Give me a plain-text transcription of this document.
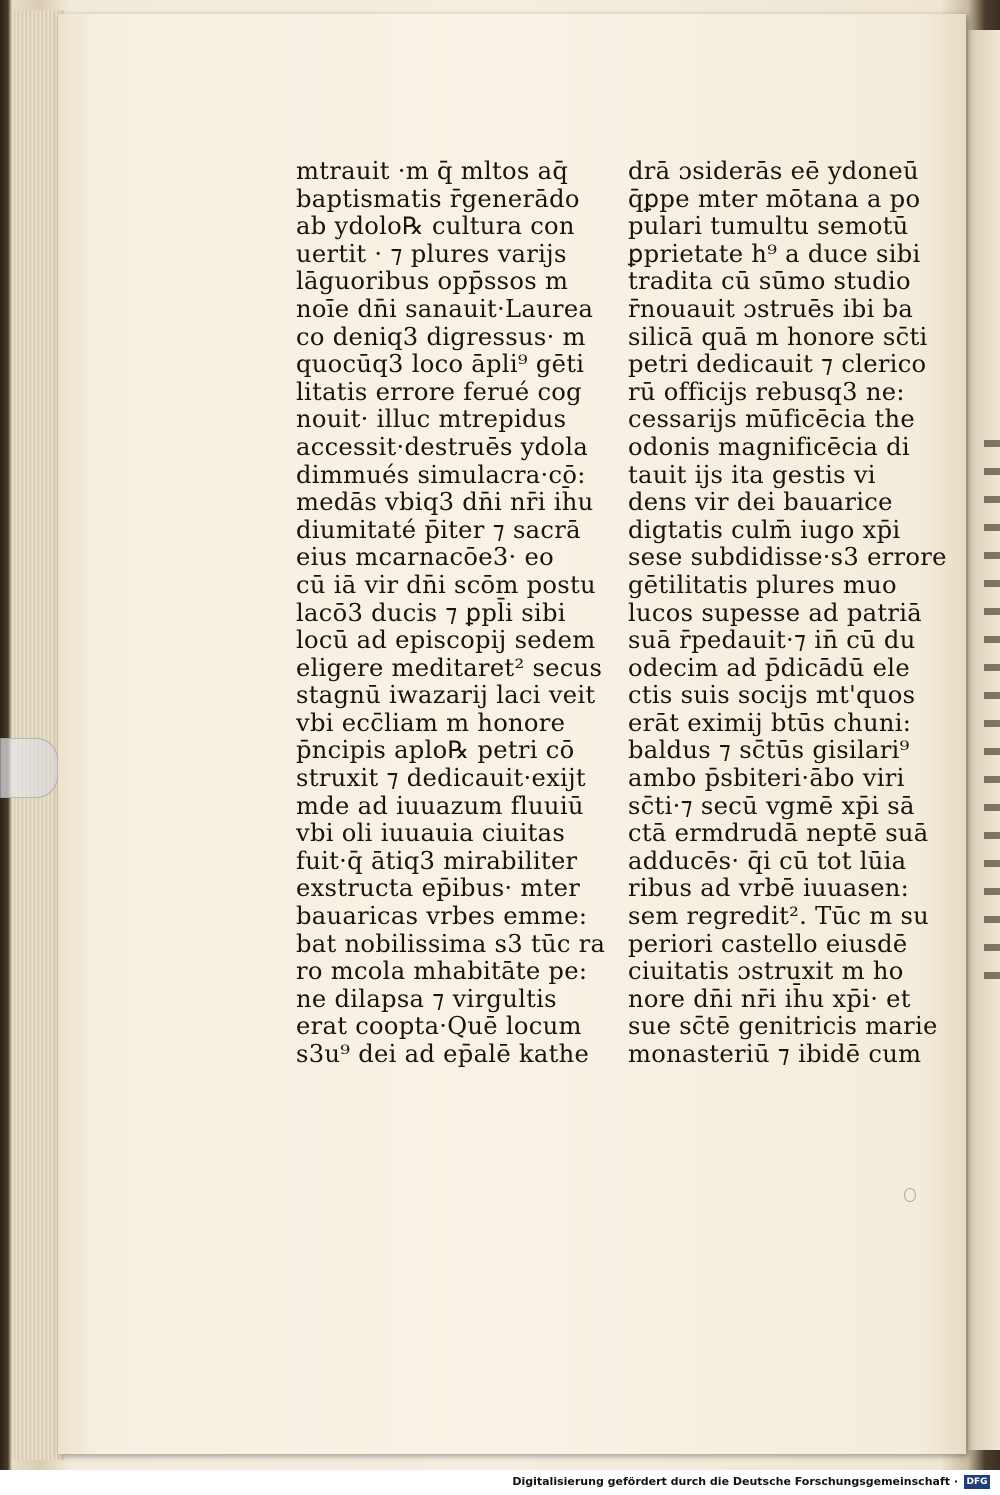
mtrauit ·m q̄ mltos aq̄
baptismatis r̄generādo
ab ydolo℞ cultura con
uertit · ⁊ plures varijs
lāguoribus opp̄ssos m
noīe dn̄i sanauit·Laurea
co deniq3 digressus· m
quocūq3 loco āpli⁹ gēti
litatis errore ferué cog
nouit· illuc mtrepidus
accessit·destruēs ydola
dimmués simulacra·cō:
medās vbiq3 dn̄i nr̄i ih̄u
diumitaté p̄iter ⁊ sacrā
eius mcarnacōe3· eo
cū iā vir dn̄i scōm postu
lacō3 ducis ⁊ ꝑpl̄i sibi
locū ad episcopij sedem
eligere meditaret² secus
stagnū iwazarij laci veit
vbi ecc̄liam m honore
p̄ncipis aplo℞ petri cō
struxit ⁊ dedicauit·exijt
mde ad iuuazum fluuiū
vbi oli iuuauia ciuitas
fuit·q̄ ātiq3 mirabiliter
exstructa ep̄ibus· mter
bauaricas vrbes emme:
bat nobilissima s3 tūc ra
ro mcola mhabitāte pe:
ne dilapsa ⁊ virgultis
erat coopta·Quē locum
s3u⁹ dei ad ep̄alē kathe
drā ɔsiderās eē ydoneū
q̄ꝑpe mter mōtana a po
pulari tumultu semotū
ꝑprietate h⁹ a duce sibi
tradita cū sūmo studio
r̄nouauit ɔstruēs ibi ba
silicā quā m honore sc̄ti
petri dedicauit ⁊ clerico
rū officijs rebusq3 ne:
cessarijs mūficēcia the
odonis magnificēcia di
tauit ijs ita gestis vi
dens vir dei bauarice
digtatis culm̄ iugo xp̄i
sese subdidisse·s3 errore
gētilitatis plures muo
lucos supesse ad patriā
suā r̄pedauit·⁊ in̄ cū du
odecim ad p̄dicādū ele
ctis suis socijs mt'quos
erāt eximij btūs chuni:
baldus ⁊ sc̄tūs gisilari⁹
ambo p̄sbiteri·ābo viri
sc̄ti·⁊ secū vgmē xp̄i sā
ctā ermdrudā neptē suā
adducēs· q̄i cū tot lūia
ribus ad vrbē iuuasen:
sem regredit². Tūc m su
periori castello eiusdē
ciuitatis ɔstruxit m ho
nore dn̄i nr̄i ih̄u xp̄i· et
sue sc̄tē genitricis marie
monasteriū ⁊ ibidē cum
Digitalisierung gefördert durch die Deutsche Forschungsgemeinschaft · DFG
